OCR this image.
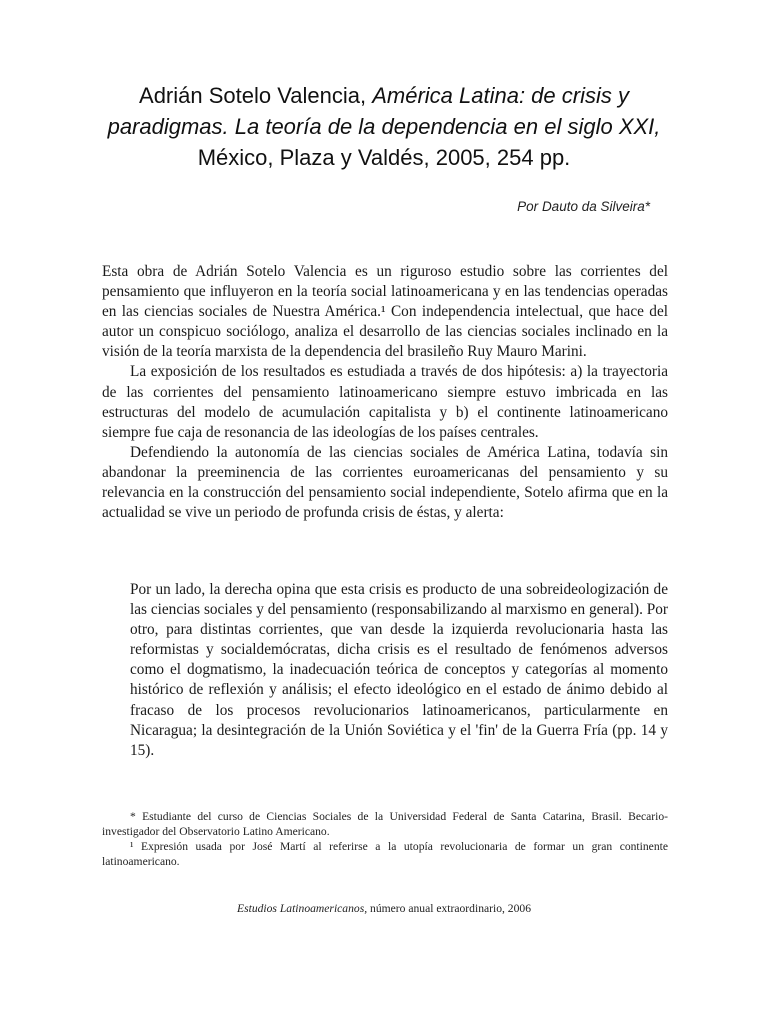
Adrián Sotelo Valencia, América Latina: de crisis y
paradigmas. La teoría de la dependencia en el siglo XXI,
México, Plaza y Valdés, 2005, 254 pp.
Por Dauto da Silveira*

Esta obra de Adrián Sotelo Valencia es un riguroso estudio sobre las corrientes del pensamiento que influyeron en la teoría social latinoamericana y en las tendencias operadas en las ciencias sociales de Nuestra América.¹ Con independencia intelectual, que hace del autor un conspicuo sociólogo, analiza el desarrollo de las ciencias sociales inclinado en la visión de la teoría marxista de la dependencia del brasileño Ruy Mauro Marini.

La exposición de los resultados es estudiada a través de dos hipótesis: a) la trayectoria de las corrientes del pensamiento latinoamericano siempre estuvo imbricada en las estructuras del modelo de acumulación capitalista y b) el continente latinoamericano siempre fue caja de resonancia de las ideologías de los países centrales.

Defendiendo la autonomía de las ciencias sociales de América Latina, todavía sin abandonar la preeminencia de las corrientes euroamericanas del pensamiento y su relevancia en la construcción del pensamiento social independiente, Sotelo afirma que en la actualidad se vive un periodo de profunda crisis de éstas, y alerta:

Por un lado, la derecha opina que esta crisis es producto de una sobreideologización de las ciencias sociales y del pensamiento (responsabilizando al marxismo en general). Por otro, para distintas corrientes, que van desde la izquierda revolucionaria hasta las reformistas y socialdemócratas, dicha crisis es el resultado de fenómenos adversos como el dogmatismo, la inadecuación teórica de conceptos y categorías al momento histórico de reflexión y análisis; el efecto ideológico en el estado de ánimo debido al fracaso de los procesos revolucionarios latinoamericanos, particularmente en Nicaragua; la desintegración de la Unión Soviética y el 'fin' de la Guerra Fría (pp. 14 y 15).

* Estudiante del curso de Ciencias Sociales de la Universidad Federal de Santa Catarina, Brasil. Becario-investigador del Observatorio Latino Americano.

¹ Expresión usada por José Martí al referirse a la utopía revolucionaria de formar un gran continente latinoamericano.

Estudios Latinoamericanos, número anual extraordinario, 2006
